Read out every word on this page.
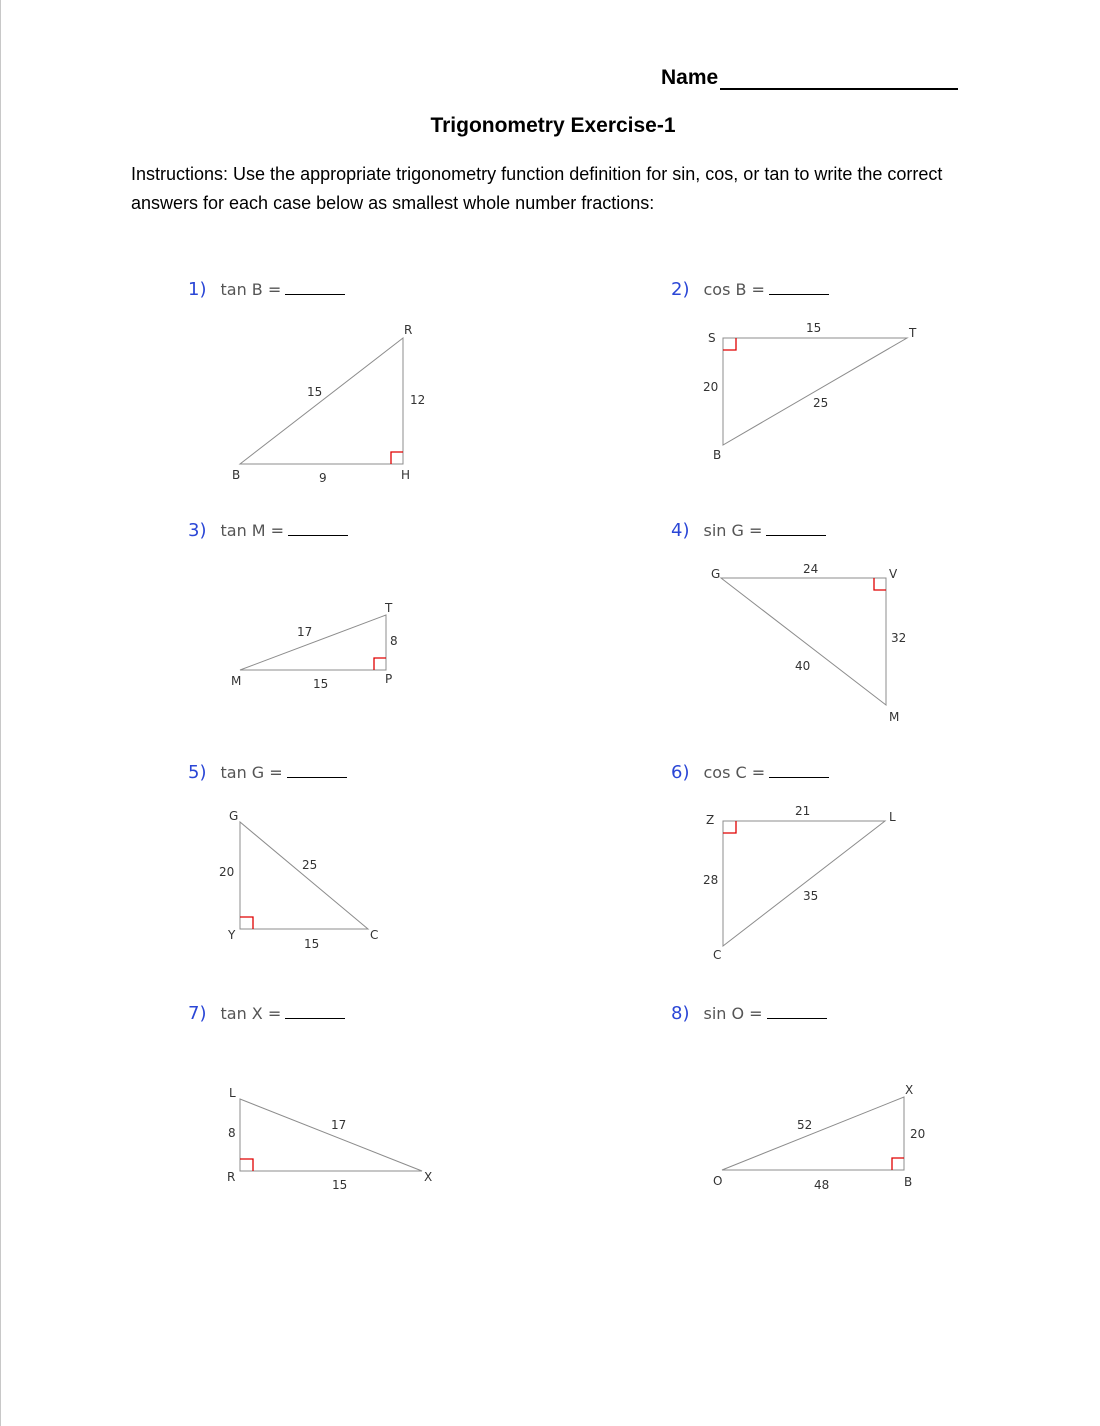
Name
Trigonometry Exercise-1
Instructions: Use the appropriate trigonometry function definition for sin, cos, or tan to write the correct answers for each case below as smallest whole number fractions:
1) tan B =	2) cos B =
3) tan M =	4) sin G =
5) tan G =	6) cos C =
7) tan X =	8) sin O =
R
B	H
15
9
12
S	T
B
15
20
25
T
M	P
17
15
8
G	V
M
24
32
40
G
Y	C
20	25
15
Z	L
C
21
28
35
L
R	X
8
17
15
X
O	B
52
20
48
